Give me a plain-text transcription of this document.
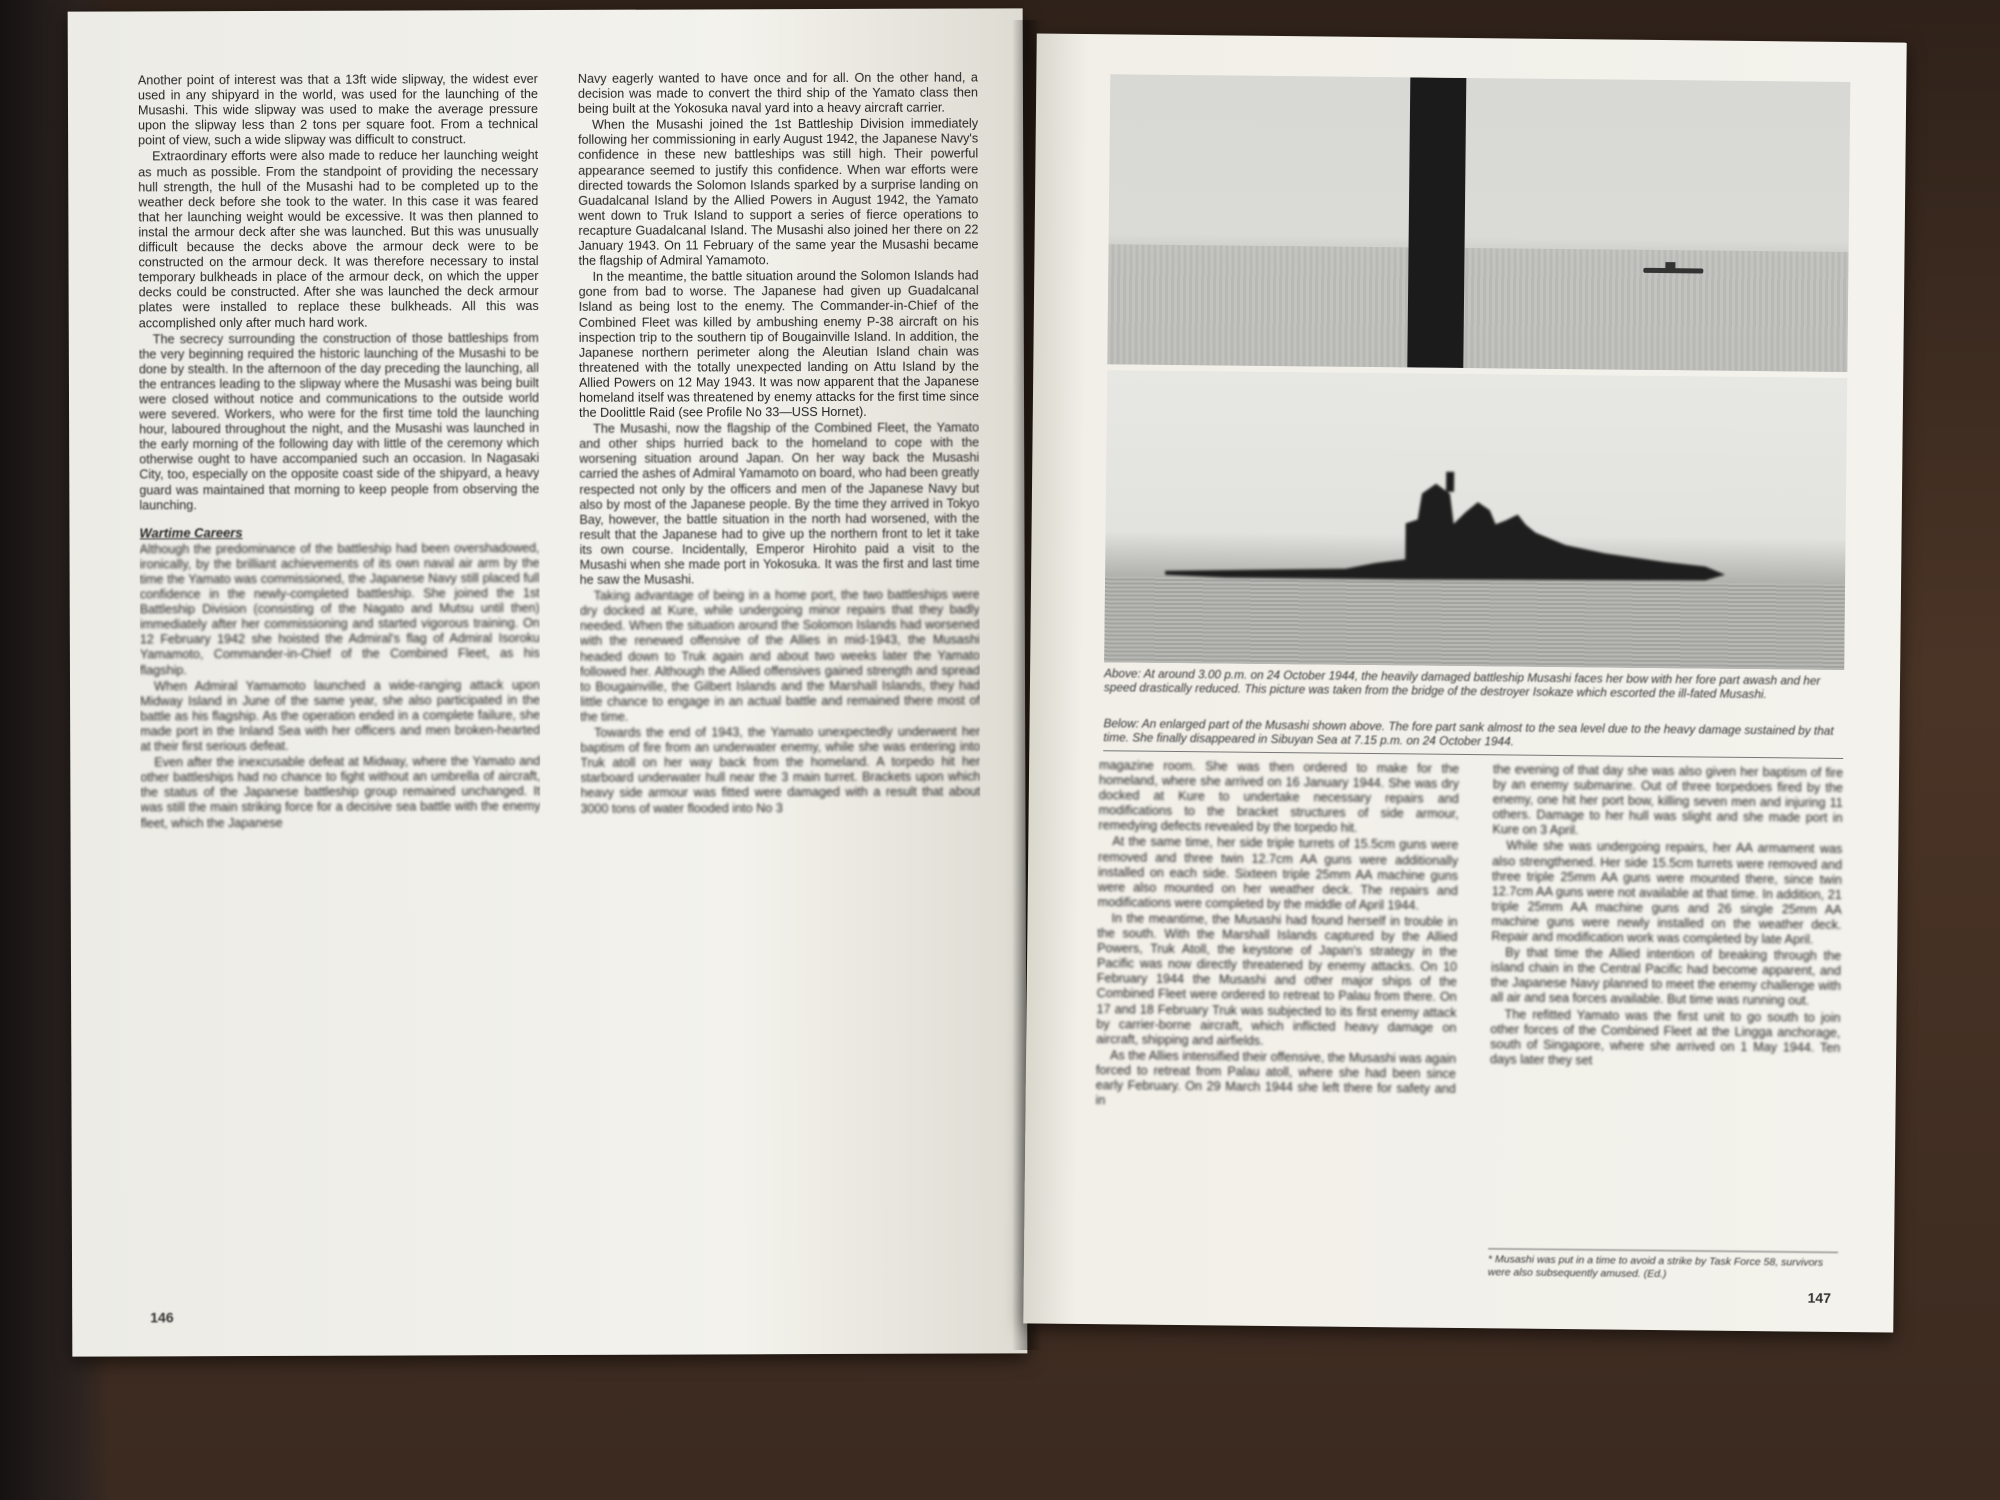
Another point of interest was that a 13ft wide slipway, the widest ever used in any shipyard in the world, was used for the launching of the Musashi. This wide slipway was used to make the average pressure upon the slipway less than 2 tons per square foot. From a technical point of view, such a wide slipway was difficult to construct.

Extraordinary efforts were also made to reduce her launching weight as much as possible. From the standpoint of providing the necessary hull strength, the hull of the Musashi had to be completed up to the weather deck before she took to the water. In this case it was feared that her launching weight would be excessive. It was then planned to instal the armour deck after she was launched. But this was unusually difficult because the decks above the armour deck were to be constructed on the armour deck. It was therefore necessary to instal temporary bulkheads in place of the armour deck, on which the upper decks could be constructed. After she was launched the deck armour plates were installed to replace these bulkheads. All this was accomplished only after much hard work.

The secrecy surrounding the construction of those battleships from the very beginning required the historic launching of the Musashi to be done by stealth. In the afternoon of the day preceding the launching, all the entrances leading to the slipway where the Musashi was being built were closed without notice and communications to the outside world were severed. Workers, who were for the first time told the launching hour, laboured throughout the night, and the Musashi was launched in the early morning of the following day with little of the ceremony which otherwise ought to have accompanied such an occasion. In Nagasaki City, too, especially on the opposite coast side of the shipyard, a heavy guard was maintained that morning to keep people from observing the launching.

Wartime Careers

Although the predominance of the battleship had been overshadowed, ironically, by the brilliant achievements of its own naval air arm by the time the Yamato was commissioned, the Japanese Navy still placed full confidence in the newly-completed battleship. She joined the 1st Battleship Division (consisting of the Nagato and Mutsu until then) immediately after her commissioning and started vigorous training. On 12 February 1942 she hoisted the Admiral's flag of Admiral Isoroku Yamamoto, Commander-in-Chief of the Combined Fleet, as his flagship.

When Admiral Yamamoto launched a wide-ranging attack upon Midway Island in June of the same year, she also participated in the battle as his flagship. As the operation ended in a complete failure, she made port in the Inland Sea with her officers and men broken-hearted at their first serious defeat.

Even after the inexcusable defeat at Midway, where the Yamato and other battleships had no chance to fight without an umbrella of aircraft, the status of the Japanese battleship group remained unchanged. It was still the main striking force for a decisive sea battle with the enemy fleet, which the Japanese

Navy eagerly wanted to have once and for all. On the other hand, a decision was made to convert the third ship of the Yamato class then being built at the Yokosuka naval yard into a heavy aircraft carrier.

When the Musashi joined the 1st Battleship Division immediately following her commissioning in early August 1942, the Japanese Navy's confidence in these new battleships was still high. Their powerful appearance seemed to justify this confidence. When war efforts were directed towards the Solomon Islands sparked by a surprise landing on Guadalcanal Island by the Allied Powers in August 1942, the Yamato went down to Truk Island to support a series of fierce operations to recapture Guadalcanal Island. The Musashi also joined her there on 22 January 1943. On 11 February of the same year the Musashi became the flagship of Admiral Yamamoto.

In the meantime, the battle situation around the Solomon Islands had gone from bad to worse. The Japanese had given up Guadalcanal Island as being lost to the enemy. The Commander-in-Chief of the Combined Fleet was killed by ambushing enemy P-38 aircraft on his inspection trip to the southern tip of Bougainville Island. In addition, the Japanese northern perimeter along the Aleutian Island chain was threatened with the totally unexpected landing on Attu Island by the Allied Powers on 12 May 1943. It was now apparent that the Japanese homeland itself was threatened by enemy attacks for the first time since the Doolittle Raid (see Profile No 33—USS Hornet).

The Musashi, now the flagship of the Combined Fleet, the Yamato and other ships hurried back to the homeland to cope with the worsening situation around Japan. On her way back the Musashi carried the ashes of Admiral Yamamoto on board, who had been greatly respected not only by the officers and men of the Japanese Navy but also by most of the Japanese people. By the time they arrived in Tokyo Bay, however, the battle situation in the north had worsened, with the result that the Japanese had to give up the northern front to let it take its own course. Incidentally, Emperor Hirohito paid a visit to the Musashi when she made port in Yokosuka. It was the first and last time he saw the Musashi.

Taking advantage of being in a home port, the two battleships were dry docked at Kure, while undergoing minor repairs that they badly needed. When the situation around the Solomon Islands had worsened with the renewed offensive of the Allies in mid-1943, the Musashi headed down to Truk again and about two weeks later the Yamato followed her. Although the Allied offensives gained strength and spread to Bougainville, the Gilbert Islands and the Marshall Islands, they had little chance to engage in an actual battle and remained there most of the time.

Towards the end of 1943, the Yamato unexpectedly underwent her baptism of fire from an underwater enemy, while she was entering into Truk atoll on her way back from the homeland. A torpedo hit her starboard underwater hull near the 3 main turret. Brackets upon which heavy side armour was fitted were damaged with a result that about 3000 tons of water flooded into No 3

146
Above: At around 3.00 p.m. on 24 October 1944, the heavily damaged battleship Musashi faces her bow with her fore part awash and her speed drastically reduced. This picture was taken from the bridge of the destroyer Isokaze which escorted the ill-fated Musashi.
Below: An enlarged part of the Musashi shown above. The fore part sank almost to the sea level due to the heavy damage sustained by that time. She finally disappeared in Sibuyan Sea at 7.15 p.m. on 24 October 1944.

magazine room. She was then ordered to make for the homeland, where she arrived on 16 January 1944. She was dry docked at Kure to undertake necessary repairs and modifications to the bracket structures of side armour, remedying defects revealed by the torpedo hit.

At the same time, her side triple turrets of 15.5cm guns were removed and three twin 12.7cm AA guns were additionally installed on each side. Sixteen triple 25mm AA machine guns were also mounted on her weather deck. The repairs and modifications were completed by the middle of April 1944.

In the meantime, the Musashi had found herself in trouble in the south. With the Marshall Islands captured by the Allied Powers, Truk Atoll, the keystone of Japan's strategy in the Pacific was now directly threatened by enemy attacks. On 10 February 1944 the Musashi and other major ships of the Combined Fleet were ordered to retreat to Palau from there. On 17 and 18 February Truk was subjected to its first enemy attack by carrier-borne aircraft, which inflicted heavy damage on aircraft, shipping and airfields.

As the Allies intensified their offensive, the Musashi was again forced to retreat from Palau atoll, where she had been since early February. On 29 March 1944 she left there for safety and in

the evening of that day she was also given her baptism of fire by an enemy submarine. Out of three torpedoes fired by the enemy, one hit her port bow, killing seven men and injuring 11 others. Damage to her hull was slight and she made port in Kure on 3 April.

While she was undergoing repairs, her AA armament was also strengthened. Her side 15.5cm turrets were removed and three triple 25mm AA guns were mounted there, since twin 12.7cm AA guns were not available at that time. In addition, 21 triple 25mm AA machine guns and 26 single 25mm AA machine guns were newly installed on the weather deck. Repair and modification work was completed by late April.

By that time the Allied intention of breaking through the island chain in the Central Pacific had become apparent, and the Japanese Navy planned to meet the enemy challenge with all air and sea forces available. But time was running out.

The refitted Yamato was the first unit to go south to join other forces of the Combined Fleet at the Lingga anchorage, south of Singapore, where she arrived on 1 May 1944. Ten days later they set

* Musashi was put in a time to avoid a strike by Task Force 58, survivors were also subsequently amused. (Ed.)
147
